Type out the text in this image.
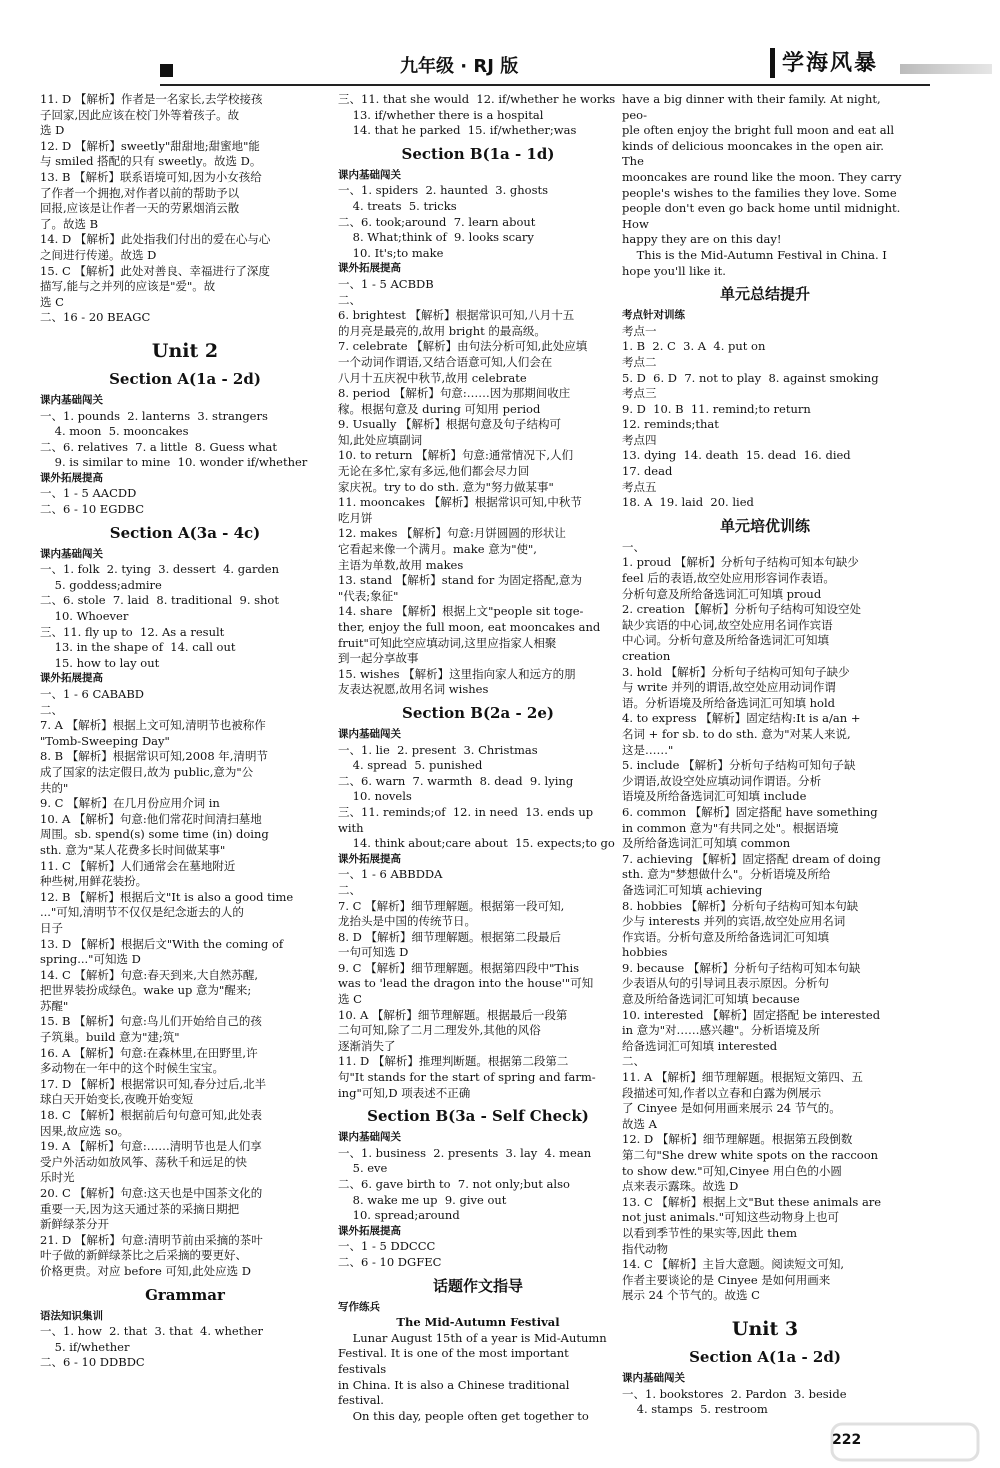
九年级 · RJ 版	学海风暴
11. D 【解析】作者是一名家长,去学校接孩
子回家,因此应该在校门外等着孩子。故
选 D
12. D 【解析】sweetly"甜甜地;甜蜜地"能
与 smiled 搭配的只有 sweetly。故选 D。
13. B 【解析】联系语境可知,因为小女孩给
了作者一个拥抱,对作者以前的帮助予以
回报,应该是让作者一天的劳累烟消云散
了。故选 B
14. D 【解析】此处指我们付出的爱在心与心
之间进行传递。故选 D
15. C 【解析】此处对善良、幸福进行了深度
描写,能与之并列的应该是"爱"。故
选 C
二、16 - 20 BEAGC
Unit 2
Section A(1a - 2d)
课内基础闯关
一、1. pounds  2. lanterns  3. strangers
4. moon  5. mooncakes
二、6. relatives  7. a little  8. Guess what
9. is similar to mine  10. wonder if/whether
课外拓展提高
一、1 - 5 AACDD
二、6 - 10 EGDBC
Section A(3a - 4c)
课内基础闯关
一、1. folk  2. tying  3. dessert  4. garden
5. goddess;admire
二、6. stole  7. laid  8. traditional  9. shot
10. Whoever
三、11. fly up to  12. As a result
13. in the shape of  14. call out
15. how to lay out
课外拓展提高
一、1 - 6 CABABD
二、
7. A 【解析】根据上文可知,清明节也被称作
"Tomb-Sweeping Day"
8. B 【解析】根据常识可知,2008 年,清明节
成了国家的法定假日,故为 public,意为"公
共的"
9. C 【解析】在几月份应用介词 in
10. A 【解析】句意:他们常花时间清扫墓地
周围。sb. spend(s) some time (in) doing
sth. 意为"某人花费多长时间做某事"
11. C 【解析】人们通常会在墓地附近
种些树,用鲜花装扮。
12. B 【解析】根据后文"It is also a good time
..."可知,清明节不仅仅是纪念逝去的人的
日子
13. D 【解析】根据后文"With the coming of
spring..."可知选 D
14. C 【解析】句意:春天到来,大自然苏醒,
把世界装扮成绿色。wake up 意为"醒来;
苏醒"
15. B 【解析】句意:鸟儿们开始给自己的孩
子筑巢。build 意为"建;筑"
16. A 【解析】句意:在森林里,在田野里,许
多动物在一年中的这个时候生宝宝。
17. D 【解析】根据常识可知,春分过后,北半
球白天开始变长,夜晚开始变短
18. C 【解析】根据前后句句意可知,此处表
因果,故应选 so。
19. A 【解析】句意:……清明节也是人们享
受户外活动如放风筝、荡秋千和远足的快
乐时光
20. C 【解析】句意:这天也是中国茶文化的
重要一天,因为这天通过茶的采摘日期把
新鲜绿茶分开
21. D 【解析】句意:清明节前由采摘的茶叶
叶子做的新鲜绿茶比之后采摘的要更好、
价格更贵。对应 before 可知,此处应选 D
Grammar
语法知识集训
一、1. how  2. that  3. that  4. whether
5. if/whether
二、6 - 10 DDBDC
三、11. that she would  12. if/whether he works
13. if/whether there is a hospital
14. that he parked  15. if/whether;was
Section B(1a - 1d)
课内基础闯关
一、1. spiders  2. haunted  3. ghosts
4. treats  5. tricks
二、6. took;around  7. learn about
8. What;think of  9. looks scary
10. It's;to make
课外拓展提高
一、1 - 5 ACBDB
二、
6. brightest 【解析】根据常识可知,八月十五
的月亮是最亮的,故用 bright 的最高级。
7. celebrate 【解析】由句法分析可知,此处应填
一个动词作谓语,又结合语意可知,人们会在
八月十五庆祝中秋节,故用 celebrate
8. period 【解析】句意:……因为那期间收庄
稼。根据句意及 during 可知用 period
9. Usually 【解析】根据句意及句子结构可
知,此处应填副词
10. to return 【解析】句意:通常情况下,人们
无论在多忙,家有多远,他们都会尽力回
家庆祝。try to do sth. 意为"努力做某事"
11. mooncakes 【解析】根据常识可知,中秋节
吃月饼
12. makes 【解析】句意:月饼圆圆的形状让
它看起来像一个满月。make 意为"使",
主语为单数,故用 makes
13. stand 【解析】stand for 为固定搭配,意为
"代表;象征"
14. share 【解析】根据上文"people sit toge-
ther, enjoy the full moon, eat mooncakes and
fruit"可知此空应填动词,这里应指家人相聚
到一起分享故事
15. wishes 【解析】这里指向家人和远方的朋
友表达祝愿,故用名词 wishes
Section B(2a - 2e)
课内基础闯关
一、1. lie  2. present  3. Christmas
4. spread  5. punished
二、6. warn  7. warmth  8. dead  9. lying
10. novels
三、11. reminds;of  12. in need  13. ends up with
14. think about;care about  15. expects;to go
课外拓展提高
一、1 - 6 ABBDDA
二、
7. C 【解析】细节理解题。根据第一段可知,
龙抬头是中国的传统节日。
8. D 【解析】细节理解题。根据第二段最后
一句可知选 D
9. C 【解析】细节理解题。根据第四段中"This
was to 'lead the dragon into the house'"可知
选 C
10. A 【解析】细节理解题。根据最后一段第
二句可知,除了二月二理发外,其他的风俗
逐渐消失了
11. D 【解析】推理判断题。根据第二段第二
句"It stands for the start of spring and farm-
ing"可知,D 项表述不正确
Section B(3a - Self Check)
课内基础闯关
一、1. business  2. presents  3. lay  4. mean
5. eve
二、6. gave birth to  7. not only;but also
8. wake me up  9. give out
10. spread;around
课外拓展提高
一、1 - 5 DDCCC
二、6 - 10 DGFEC
话题作文指导
写作练兵
The Mid-Autumn Festival
Lunar August 15th of a year is Mid-Autumn
Festival. It is one of the most important festivals
in China. It is also a Chinese traditional festival.
On this day, people often get together to
have a big dinner with their family. At night, peo-
ple often enjoy the bright full moon and eat all
kinds of delicious mooncakes in the open air. The
mooncakes are round like the moon. They carry
people's wishes to the families they love. Some
people don't even go back home until midnight. How
happy they are on this day!
This is the Mid-Autumn Festival in China. I
hope you'll like it.
单元总结提升
考点针对训练
考点一
1. B  2. C  3. A  4. put on
考点二
5. D  6. D  7. not to play  8. against smoking
考点三
9. D  10. B  11. remind;to return
12. reminds;that
考点四
13. dying  14. death  15. dead  16. died
17. dead
考点五
18. A  19. laid  20. lied
单元培优训练
一、
1. proud 【解析】分析句子结构可知本句缺少
feel 后的表语,故空处应用形容词作表语。
分析句意及所给备选词汇可知填 proud
2. creation 【解析】分析句子结构可知设空处
缺少宾语的中心词,故空处应用名词作宾语
中心词。分析句意及所给备选词汇可知填
creation
3. hold 【解析】分析句子结构可知句子缺少
与 write 并列的谓语,故空处应用动词作谓
语。分析语境及所给备选词汇可知填 hold
4. to express 【解析】固定结构:It is a/an +
名词 + for sb. to do sth. 意为"对某人来说,
这是……"
5. include 【解析】分析句子结构可知句子缺
少谓语,故设空处应填动词作谓语。分析
语境及所给备选词汇可知填 include
6. common 【解析】固定搭配 have something
in common 意为"有共同之处"。根据语境
及所给备选词汇可知填 common
7. achieving 【解析】固定搭配 dream of doing
sth. 意为"梦想做什么"。分析语境及所给
备选词汇可知填 achieving
8. hobbies 【解析】分析句子结构可知本句缺
少与 interests 并列的宾语,故空处应用名词
作宾语。分析句意及所给备选词汇可知填
hobbies
9. because 【解析】分析句子结构可知本句缺
少表语从句的引导词且表示原因。分析句
意及所给备选词汇可知填 because
10. interested 【解析】固定搭配 be interested
in 意为"对……感兴趣"。分析语境及所
给备选词汇可知填 interested
二、
11. A 【解析】细节理解题。根据短文第四、五
段描述可知,作者以立春和白露为例展示
了 Cinyee 是如何用画来展示 24 节气的。
故选 A
12. D 【解析】细节理解题。根据第五段倒数
第二句"She drew white spots on the raccoon
to show dew."可知,Cinyee 用白色的小圆
点来表示露珠。故选 D
13. C 【解析】根据上文"But these animals are
not just animals."可知这些动物身上也可
以看到季节性的果实等,因此 them
指代动物
14. C 【解析】主旨大意题。阅读短文可知,
作者主要谈论的是 Cinyee 是如何用画来
展示 24 个节气的。故选 C
Unit 3
Section A(1a - 2d)
课内基础闯关
一、1. bookstores  2. Pardon  3. beside
4. stamps  5. restroom
222
